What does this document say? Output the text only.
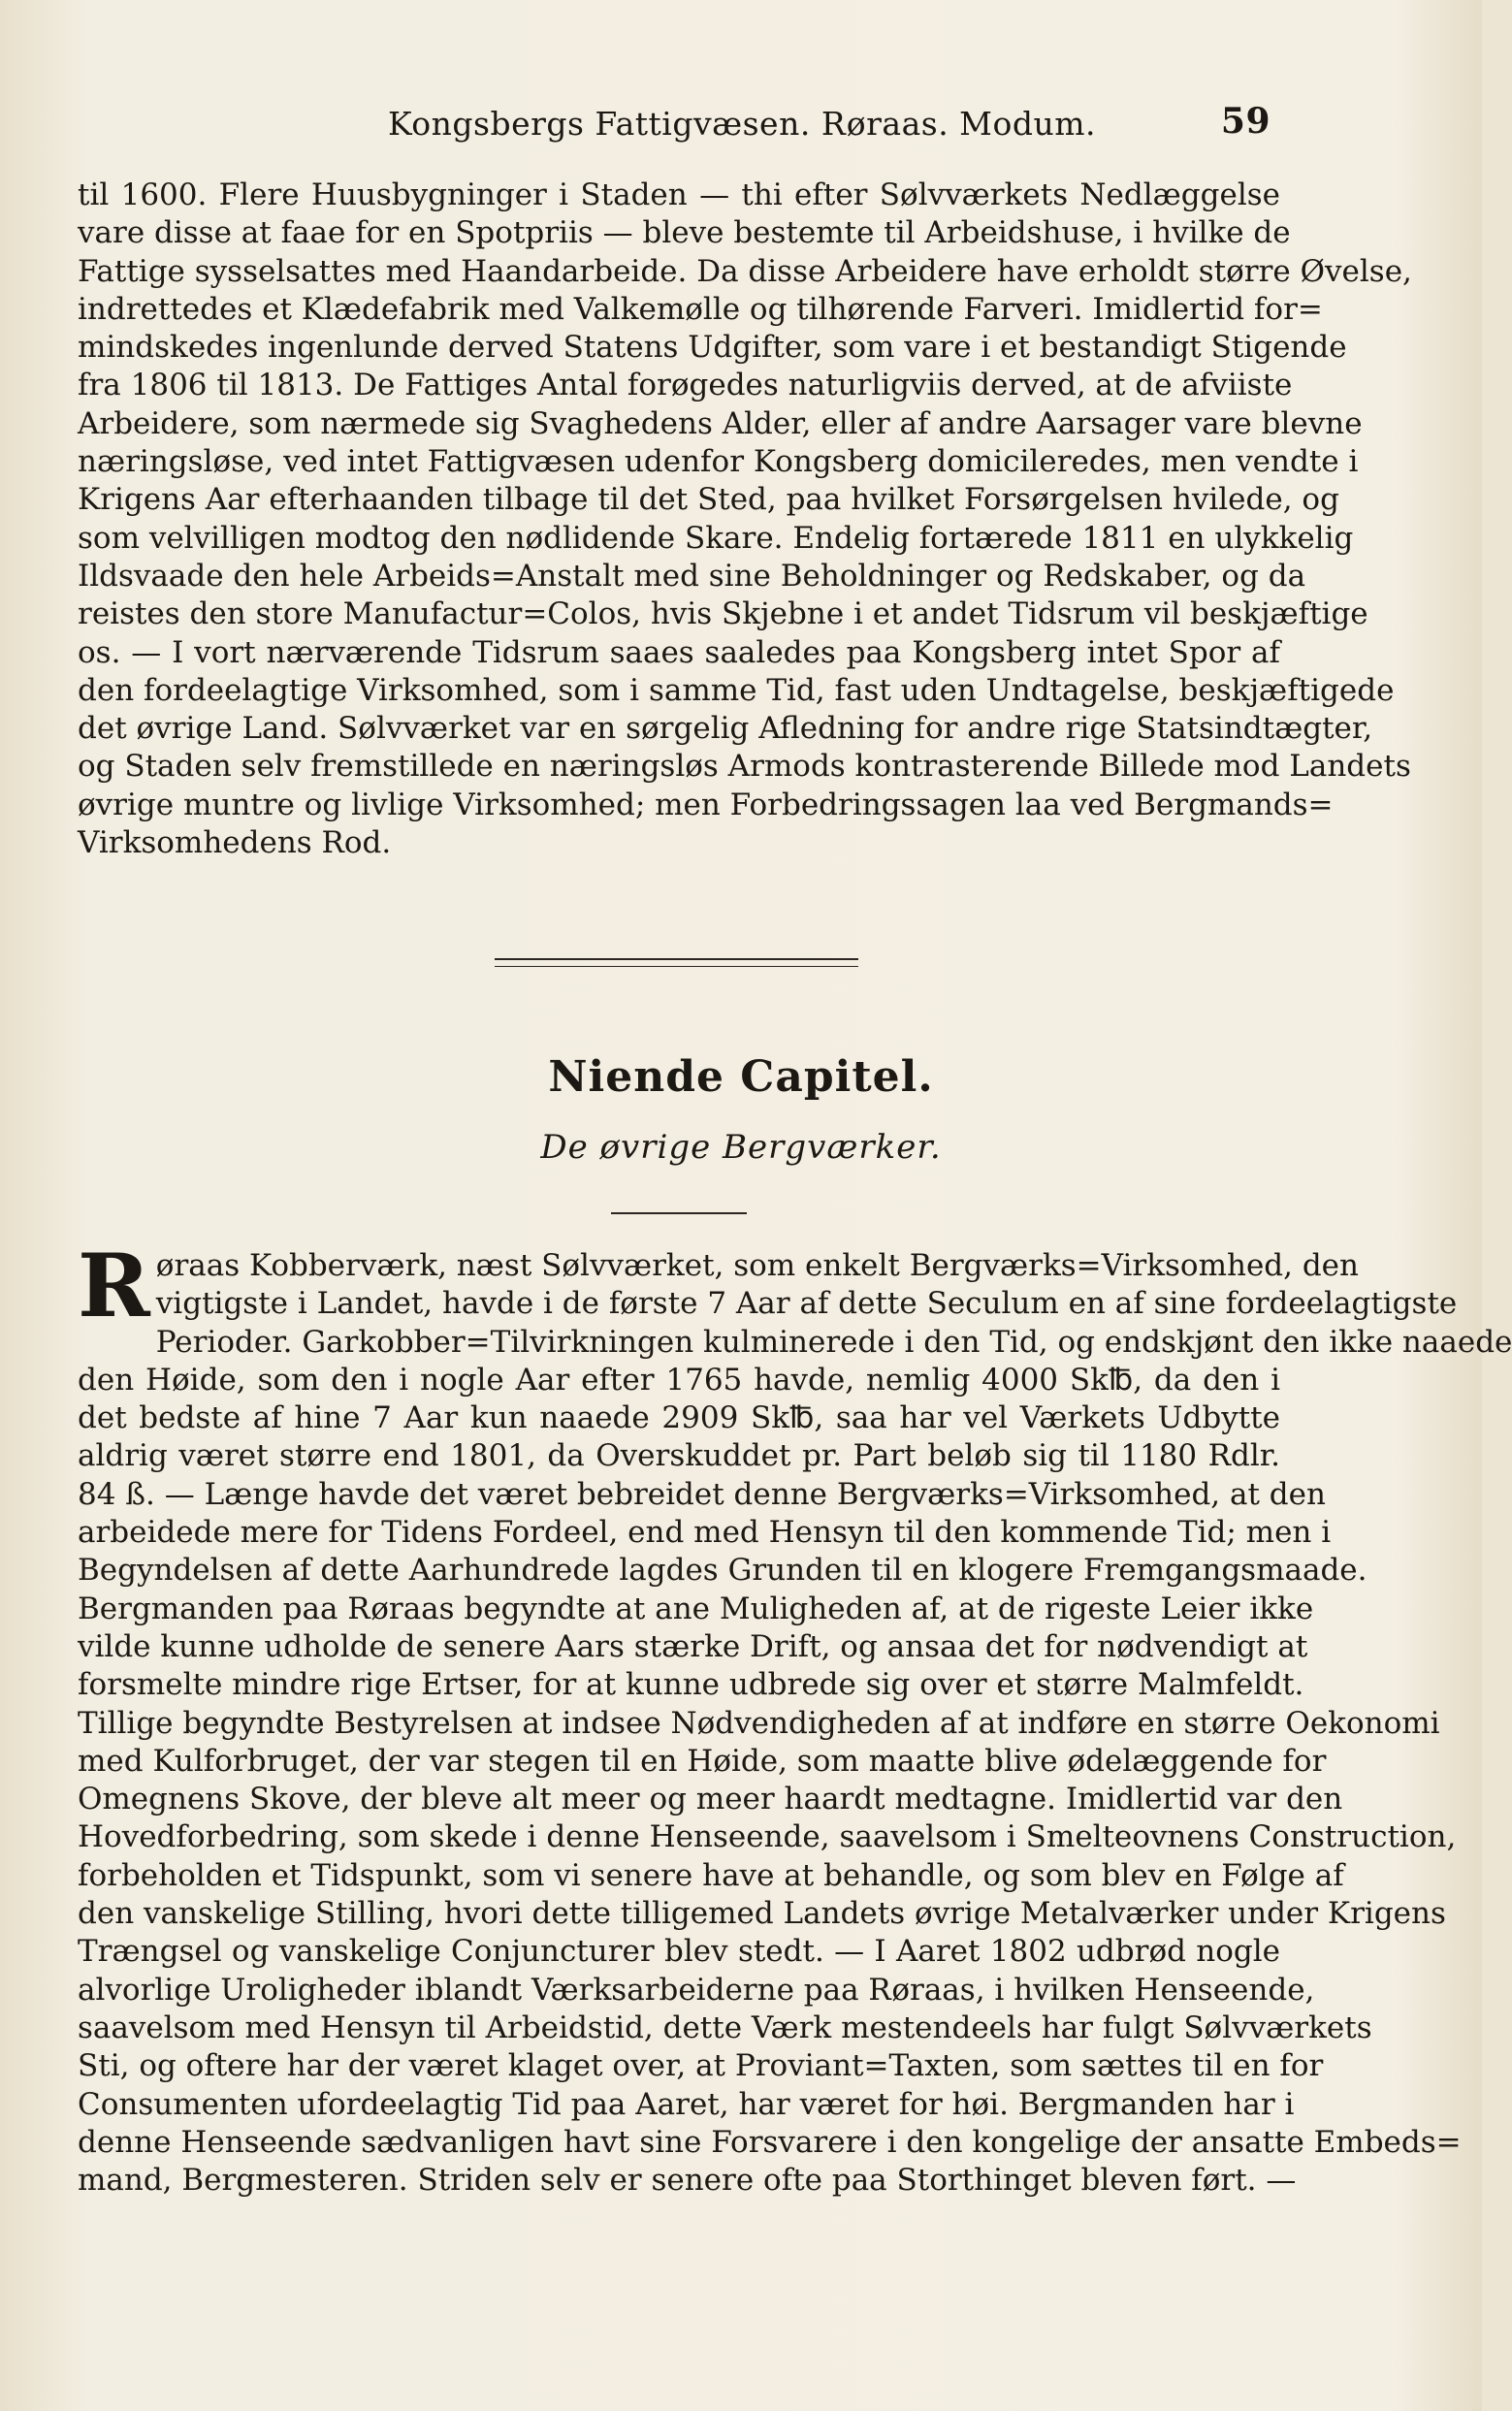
Kongsbergs Fattigvæsen. Røraas. Modum.	59
til 1600. Flere Huusbygninger i Staden — thi efter Sølvværkets Nedlæggelse
vare disse at faae for en Spotpriis — bleve bestemte til Arbeidshuse, i hvilke de
Fattige sysselsattes med Haandarbeide. Da disse Arbeidere have erholdt større Øvelse,
indrettedes et Klædefabrik med Valkemølle og tilhørende Farveri. Imidlertid for=
mindskedes ingenlunde derved Statens Udgifter, som vare i et bestandigt Stigende
fra 1806 til 1813. De Fattiges Antal forøgedes naturligviis derved, at de afviiste
Arbeidere, som nærmede sig Svaghedens Alder, eller af andre Aarsager vare blevne
næringsløse, ved intet Fattigvæsen udenfor Kongsberg domicileredes, men vendte i
Krigens Aar efterhaanden tilbage til det Sted, paa hvilket Forsørgelsen hvilede, og
som velvilligen modtog den nødlidende Skare. Endelig fortærede 1811 en ulykkelig
Ildsvaade den hele Arbeids=Anstalt med sine Beholdninger og Redskaber, og da
reistes den store Manufactur=Colos, hvis Skjebne i et andet Tidsrum vil beskjæftige
os. — I vort nærværende Tidsrum saaes saaledes paa Kongsberg intet Spor af
den fordeelagtige Virksomhed, som i samme Tid, fast uden Undtagelse, beskjæftigede
det øvrige Land. Sølvværket var en sørgelig Afledning for andre rige Statsindtægter,
og Staden selv fremstillede en næringsløs Armods kontrasterende Billede mod Landets
øvrige muntre og livlige Virksomhed; men Forbedringssagen laa ved Bergmands=
Virksomhedens Rod.
Niende Capitel.
De øvrige Bergværker.
R øraas Kobberværk, næst Sølvværket, som enkelt Bergværks=Virksomhed, den
vigtigste i Landet, havde i de første 7 Aar af dette Seculum en af sine fordeelagtigste
Perioder. Garkobber=Tilvirkningen kulminerede i den Tid, og endskjønt den ikke naaede
den Høide, som den i nogle Aar efter 1765 havde, nemlig 4000 Sk℔, da den i
det bedste af hine 7 Aar kun naaede 2909 Sk℔, saa har vel Værkets Udbytte
aldrig været større end 1801, da Overskuddet pr. Part beløb sig til 1180 Rdlr.
84 ß. — Længe havde det været bebreidet denne Bergværks=Virksomhed, at den
arbeidede mere for Tidens Fordeel, end med Hensyn til den kommende Tid; men i
Begyndelsen af dette Aarhundrede lagdes Grunden til en klogere Fremgangsmaade.
Bergmanden paa Røraas begyndte at ane Muligheden af, at de rigeste Leier ikke
vilde kunne udholde de senere Aars stærke Drift, og ansaa det for nødvendigt at
forsmelte mindre rige Ertser, for at kunne udbrede sig over et større Malmfeldt.
Tillige begyndte Bestyrelsen at indsee Nødvendigheden af at indføre en større Oekonomi
med Kulforbruget, der var stegen til en Høide, som maatte blive ødelæggende for
Omegnens Skove, der bleve alt meer og meer haardt medtagne. Imidlertid var den
Hovedforbedring, som skede i denne Henseende, saavelsom i Smelteovnens Construction,
forbeholden et Tidspunkt, som vi senere have at behandle, og som blev en Følge af
den vanskelige Stilling, hvori dette tilligemed Landets øvrige Metalværker under Krigens
Trængsel og vanskelige Conjuncturer blev stedt. — I Aaret 1802 udbrød nogle
alvorlige Uroligheder iblandt Værksarbeiderne paa Røraas, i hvilken Henseende,
saavelsom med Hensyn til Arbeidstid, dette Værk mestendeels har fulgt Sølvværkets
Sti, og oftere har der været klaget over, at Proviant=Taxten, som sættes til en for
Consumenten ufordeelagtig Tid paa Aaret, har været for høi. Bergmanden har i
denne Henseende sædvanligen havt sine Forsvarere i den kongelige der ansatte Embeds=
mand, Bergmesteren. Striden selv er senere ofte paa Storthinget bleven ført. —
